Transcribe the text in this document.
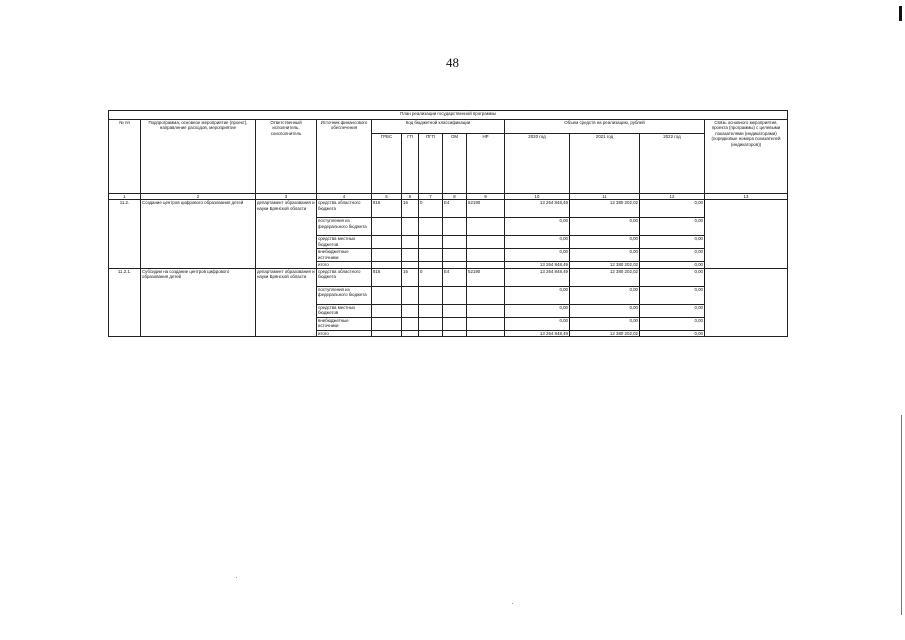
48
План реализации государственной программы												
№ пп	Подпрограмма, основное мероприятие (проект), направление расходов, мероприятие	Ответственный исполнитель, соисполнитель	Источник финансового обеспечения	Код бюджетной классификации					Объем средств на реализацию, рублей			Связь основного мероприятия, проекта (программы) с целевыми показателями (индикаторами) (порядковые номера показателей (индикаторов))
				ГРБС	ГП	ПГП	ОМ	НР	2020 год	2021 год	2022 год	
1	2	3	4	5	6	7	8	9	10	11	12	13
11.2.	Создание центров цифрового образования детей	департамент образования и науки Брянской области	средства областного бюджета	816	16	0	Е4	52190	13 264 848,49	12 380 202,02	0,00	
			поступления из федерального бюджета						0,00	0,00	0,00	
			средства местных бюджетов						0,00	0,00	0,00	
			внебюджетные источники						0,00	0,00	0,00	
			итого						13 264 848,49	12 380 202,02	0,00	
11.2.1.	Субсидии на создание центров цифрового образования детей	департамент образования и науки Брянской области	средства областного бюджета	816	16	0	Е4	52190	13 264 848,49	12 380 202,02	0,00	
			поступления из федерального бюджета						0,00	0,00	0,00	
			средства местных бюджетов						0,00	0,00	0,00	
			внебюджетные источники						0,00	0,00	0,00	
			итого						13 264 848,49	12 380 202,02	0,00	
